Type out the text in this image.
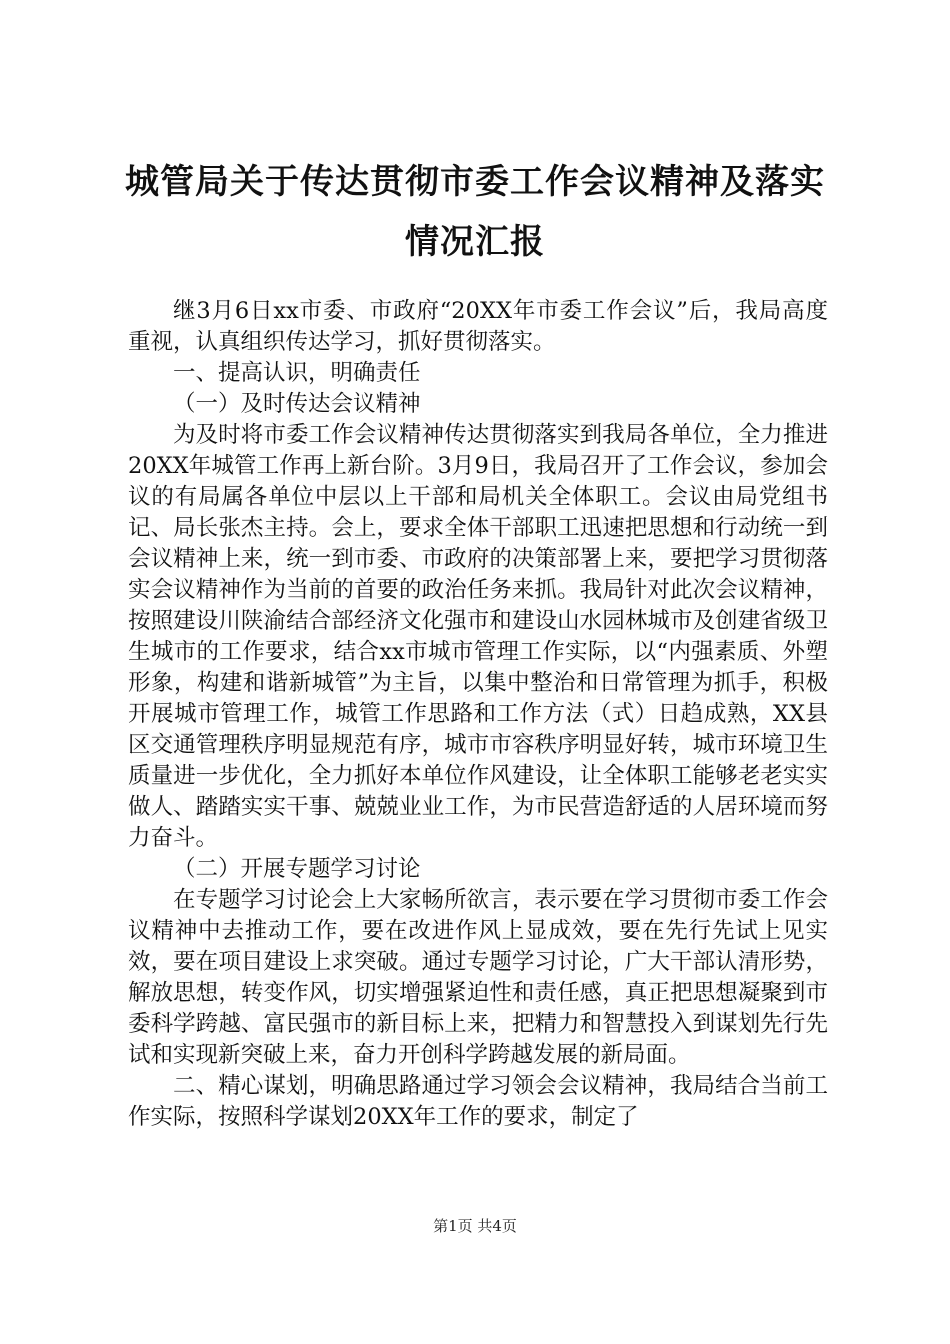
城管局关于传达贯彻市委工作会议精神及落实
情况汇报

继3月6日xx市委、市政府“20XX年市委工作会议”后，我局高度重视，认真组织传达学习，抓好贯彻落实。

一、提高认识，明确责任

（一）及时传达会议精神

为及时将市委工作会议精神传达贯彻落实到我局各单位，全力推进20XX年城管工作再上新台阶。3月9日，我局召开了工作会议，参加会议的有局属各单位中层以上干部和局机关全体职工。会议由局党组书记、局长张杰主持。会上，要求全体干部职工迅速把思想和行动统一到会议精神上来，统一到市委、市政府的决策部署上来，要把学习贯彻落实会议精神作为当前的首要的政治任务来抓。我局针对此次会议精神，按照建设川陕渝结合部经济文化强市和建设山水园林城市及创建省级卫生城市的工作要求，结合xx市城市管理工作实际，以“内强素质、外塑形象，构建和谐新城管”为主旨，以集中整治和日常管理为抓手，积极开展城市管理工作，城管工作思路和工作方法（式）日趋成熟，XX县区交通管理秩序明显规范有序，城市市容秩序明显好转，城市环境卫生质量进一步优化，全力抓好本单位作风建设，让全体职工能够老老实实做人、踏踏实实干事、兢兢业业工作，为市民营造舒适的人居环境而努力奋斗。

（二）开展专题学习讨论

在专题学习讨论会上大家畅所欲言，表示要在学习贯彻市委工作会议精神中去推动工作，要在改进作风上显成效，要在先行先试上见实效，要在项目建设上求突破。通过专题学习讨论，广大干部认清形势，解放思想，转变作风，切实增强紧迫性和责任感，真正把思想凝聚到市委科学跨越、富民强市的新目标上来，把精力和智慧投入到谋划先行先试和实现新突破上来，奋力开创科学跨越发展的新局面。

二、精心谋划，明确思路通过学习领会会议精神，我局结合当前工作实际，按照科学谋划20XX年工作的要求，制定了

第1页 共4页
